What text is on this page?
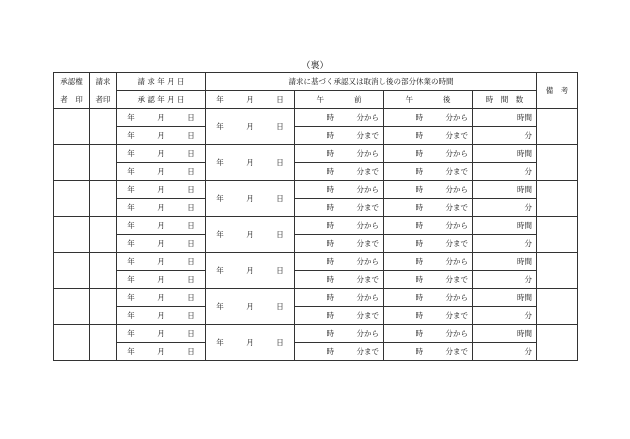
（裏）
承認権	請求	請 求 年 月 日	請求に基づく承認又は取消し後の部分休業の時間				備　考
者　印	者印	承 認 年 月 日	年　　　月　　　日	午　　　　前	午　　　　後	時　間　数	
		年　　　月　　　日	年　　　月　　　日	時　　　分から	時　　　分から	時間	
		年　　　月　　　日		時　　　分まで	時　　　分まで	分	
		年　　　月　　　日	年　　　月　　　日	時　　　分から	時　　　分から	時間	
		年　　　月　　　日		時　　　分まで	時　　　分まで	分	
		年　　　月　　　日	年　　　月　　　日	時　　　分から	時　　　分から	時間	
		年　　　月　　　日		時　　　分まで	時　　　分まで	分	
		年　　　月　　　日	年　　　月　　　日	時　　　分から	時　　　分から	時間	
		年　　　月　　　日		時　　　分まで	時　　　分まで	分	
		年　　　月　　　日	年　　　月　　　日	時　　　分から	時　　　分から	時間	
		年　　　月　　　日		時　　　分まで	時　　　分まで	分	
		年　　　月　　　日	年　　　月　　　日	時　　　分から	時　　　分から	時間	
		年　　　月　　　日		時　　　分まで	時　　　分まで	分	
		年　　　月　　　日	年　　　月　　　日	時　　　分から	時　　　分から	時間	
		年　　　月　　　日		時　　　分まで	時　　　分まで	分	
